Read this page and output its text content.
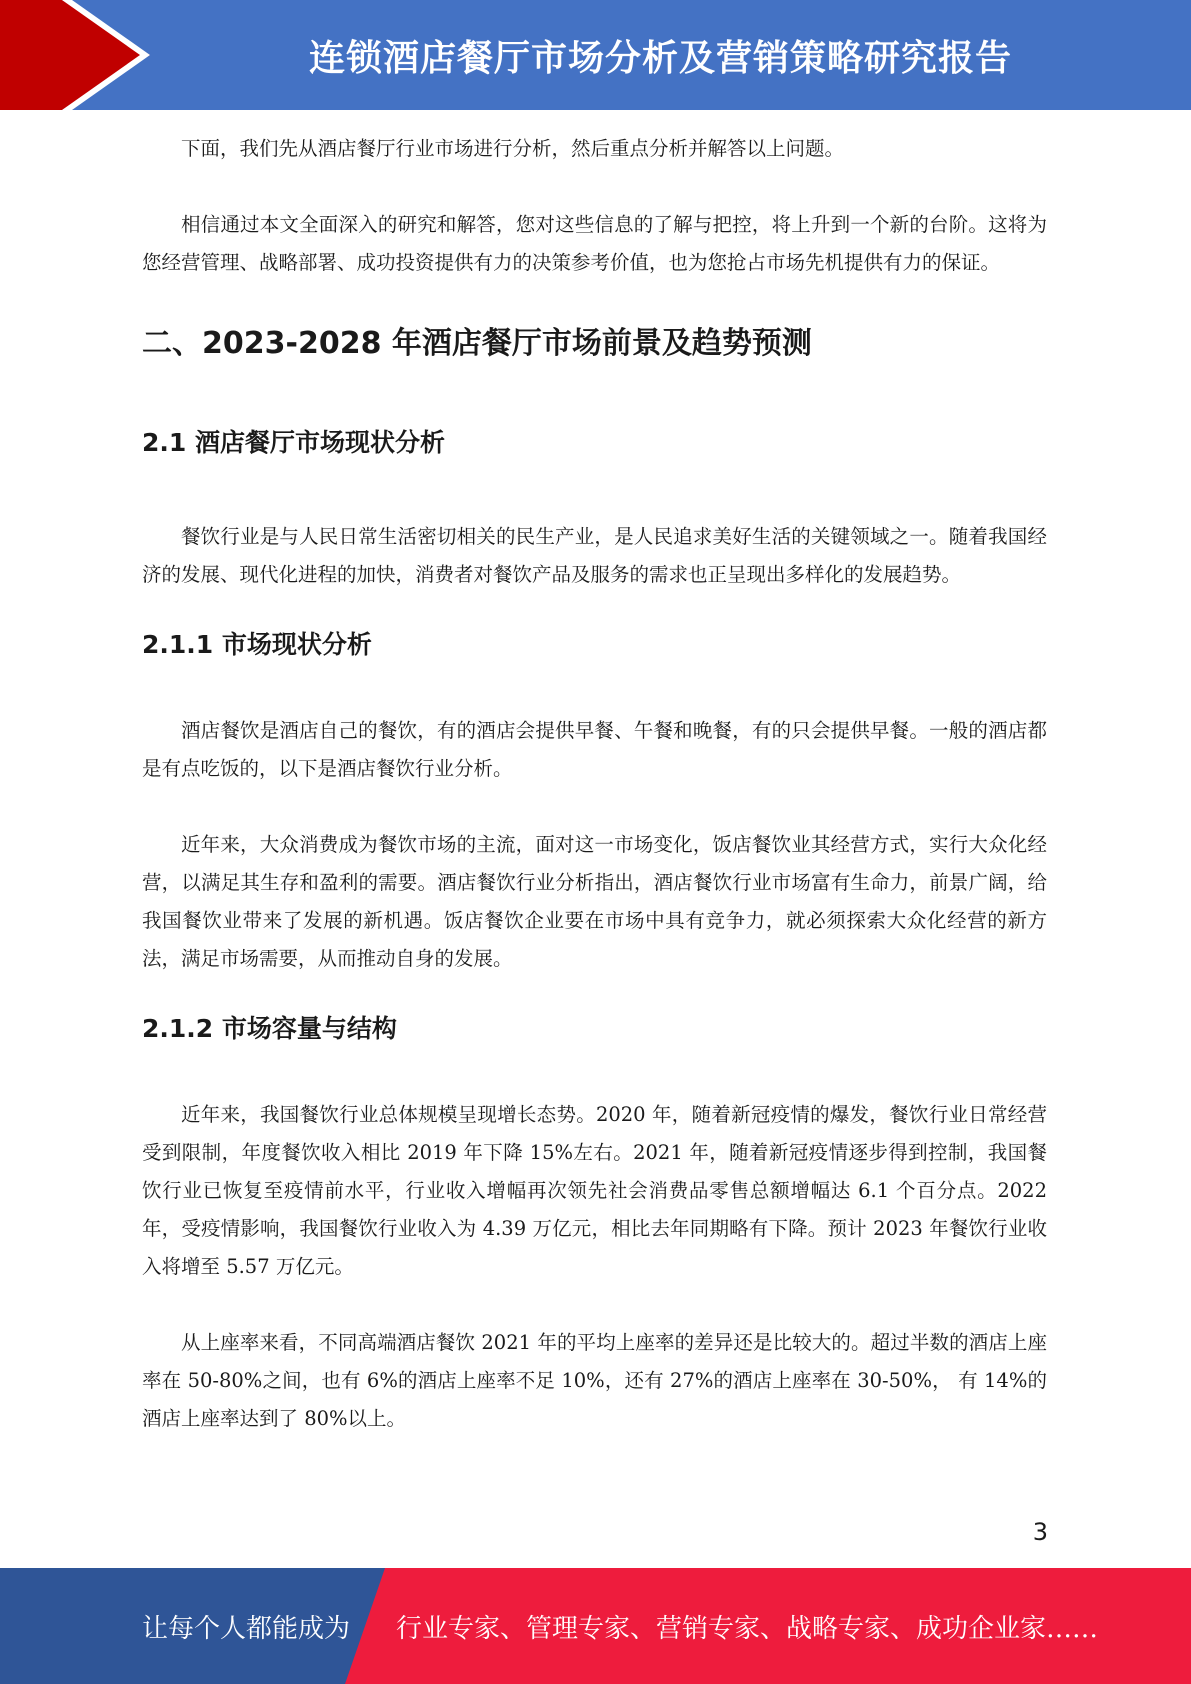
连锁酒店餐厅市场分析及营销策略研究报告

下面，我们先从酒店餐厅行业市场进行分析，然后重点分析并解答以上问题。

相信通过本文全面深入的研究和解答，您对这些信息的了解与把控，将上升到一个新的台阶。这将为您经营管理、战略部署、成功投资提供有力的决策参考价值，也为您抢占市场先机提供有力的保证。

二、2023-2028 年酒店餐厅市场前景及趋势预测
2.1 酒店餐厅市场现状分析

餐饮行业是与人民日常生活密切相关的民生产业，是人民追求美好生活的关键领域之一。随着我国经济的发展、现代化进程的加快，消费者对餐饮产品及服务的需求也正呈现出多样化的发展趋势。

2.1.1 市场现状分析

酒店餐饮是酒店自己的餐饮，有的酒店会提供早餐、午餐和晚餐，有的只会提供早餐。一般的酒店都是有点吃饭的，以下是酒店餐饮行业分析。

近年来，大众消费成为餐饮市场的主流，面对这一市场变化，饭店餐饮业其经营方式，实行大众化经营，以满足其生存和盈利的需要。酒店餐饮行业分析指出，酒店餐饮行业市场富有生命力，前景广阔，给我国餐饮业带来了发展的新机遇。饭店餐饮企业要在市场中具有竞争力，就必须探索大众化经营的新方法，满足市场需要，从而推动自身的发展。

2.1.2 市场容量与结构

近年来，我国餐饮行业总体规模呈现增长态势。2020 年，随着新冠疫情的爆发，餐饮行业日常经营受到限制，年度餐饮收入相比 2019 年下降 15%左右。2021 年，随着新冠疫情逐步得到控制，我国餐饮行业已恢复至疫情前水平，行业收入增幅再次领先社会消费品零售总额增幅达 6.1 个百分点。2022 年，受疫情影响，我国餐饮行业收入为 4.39 万亿元，相比去年同期略有下降。预计 2023 年餐饮行业收入将增至 5.57 万亿元。

从上座率来看，不同高端酒店餐饮 2021 年的平均上座率的差异还是比较大的。超过半数的酒店上座率在 50-80%之间，也有 6%的酒店上座率不足 10%，还有 27%的酒店上座率在 30-50%， 有 14%的酒店上座率达到了 80%以上。

3
让每个人都能成为 行业专家、管理专家、营销专家、战略专家、成功企业家……
